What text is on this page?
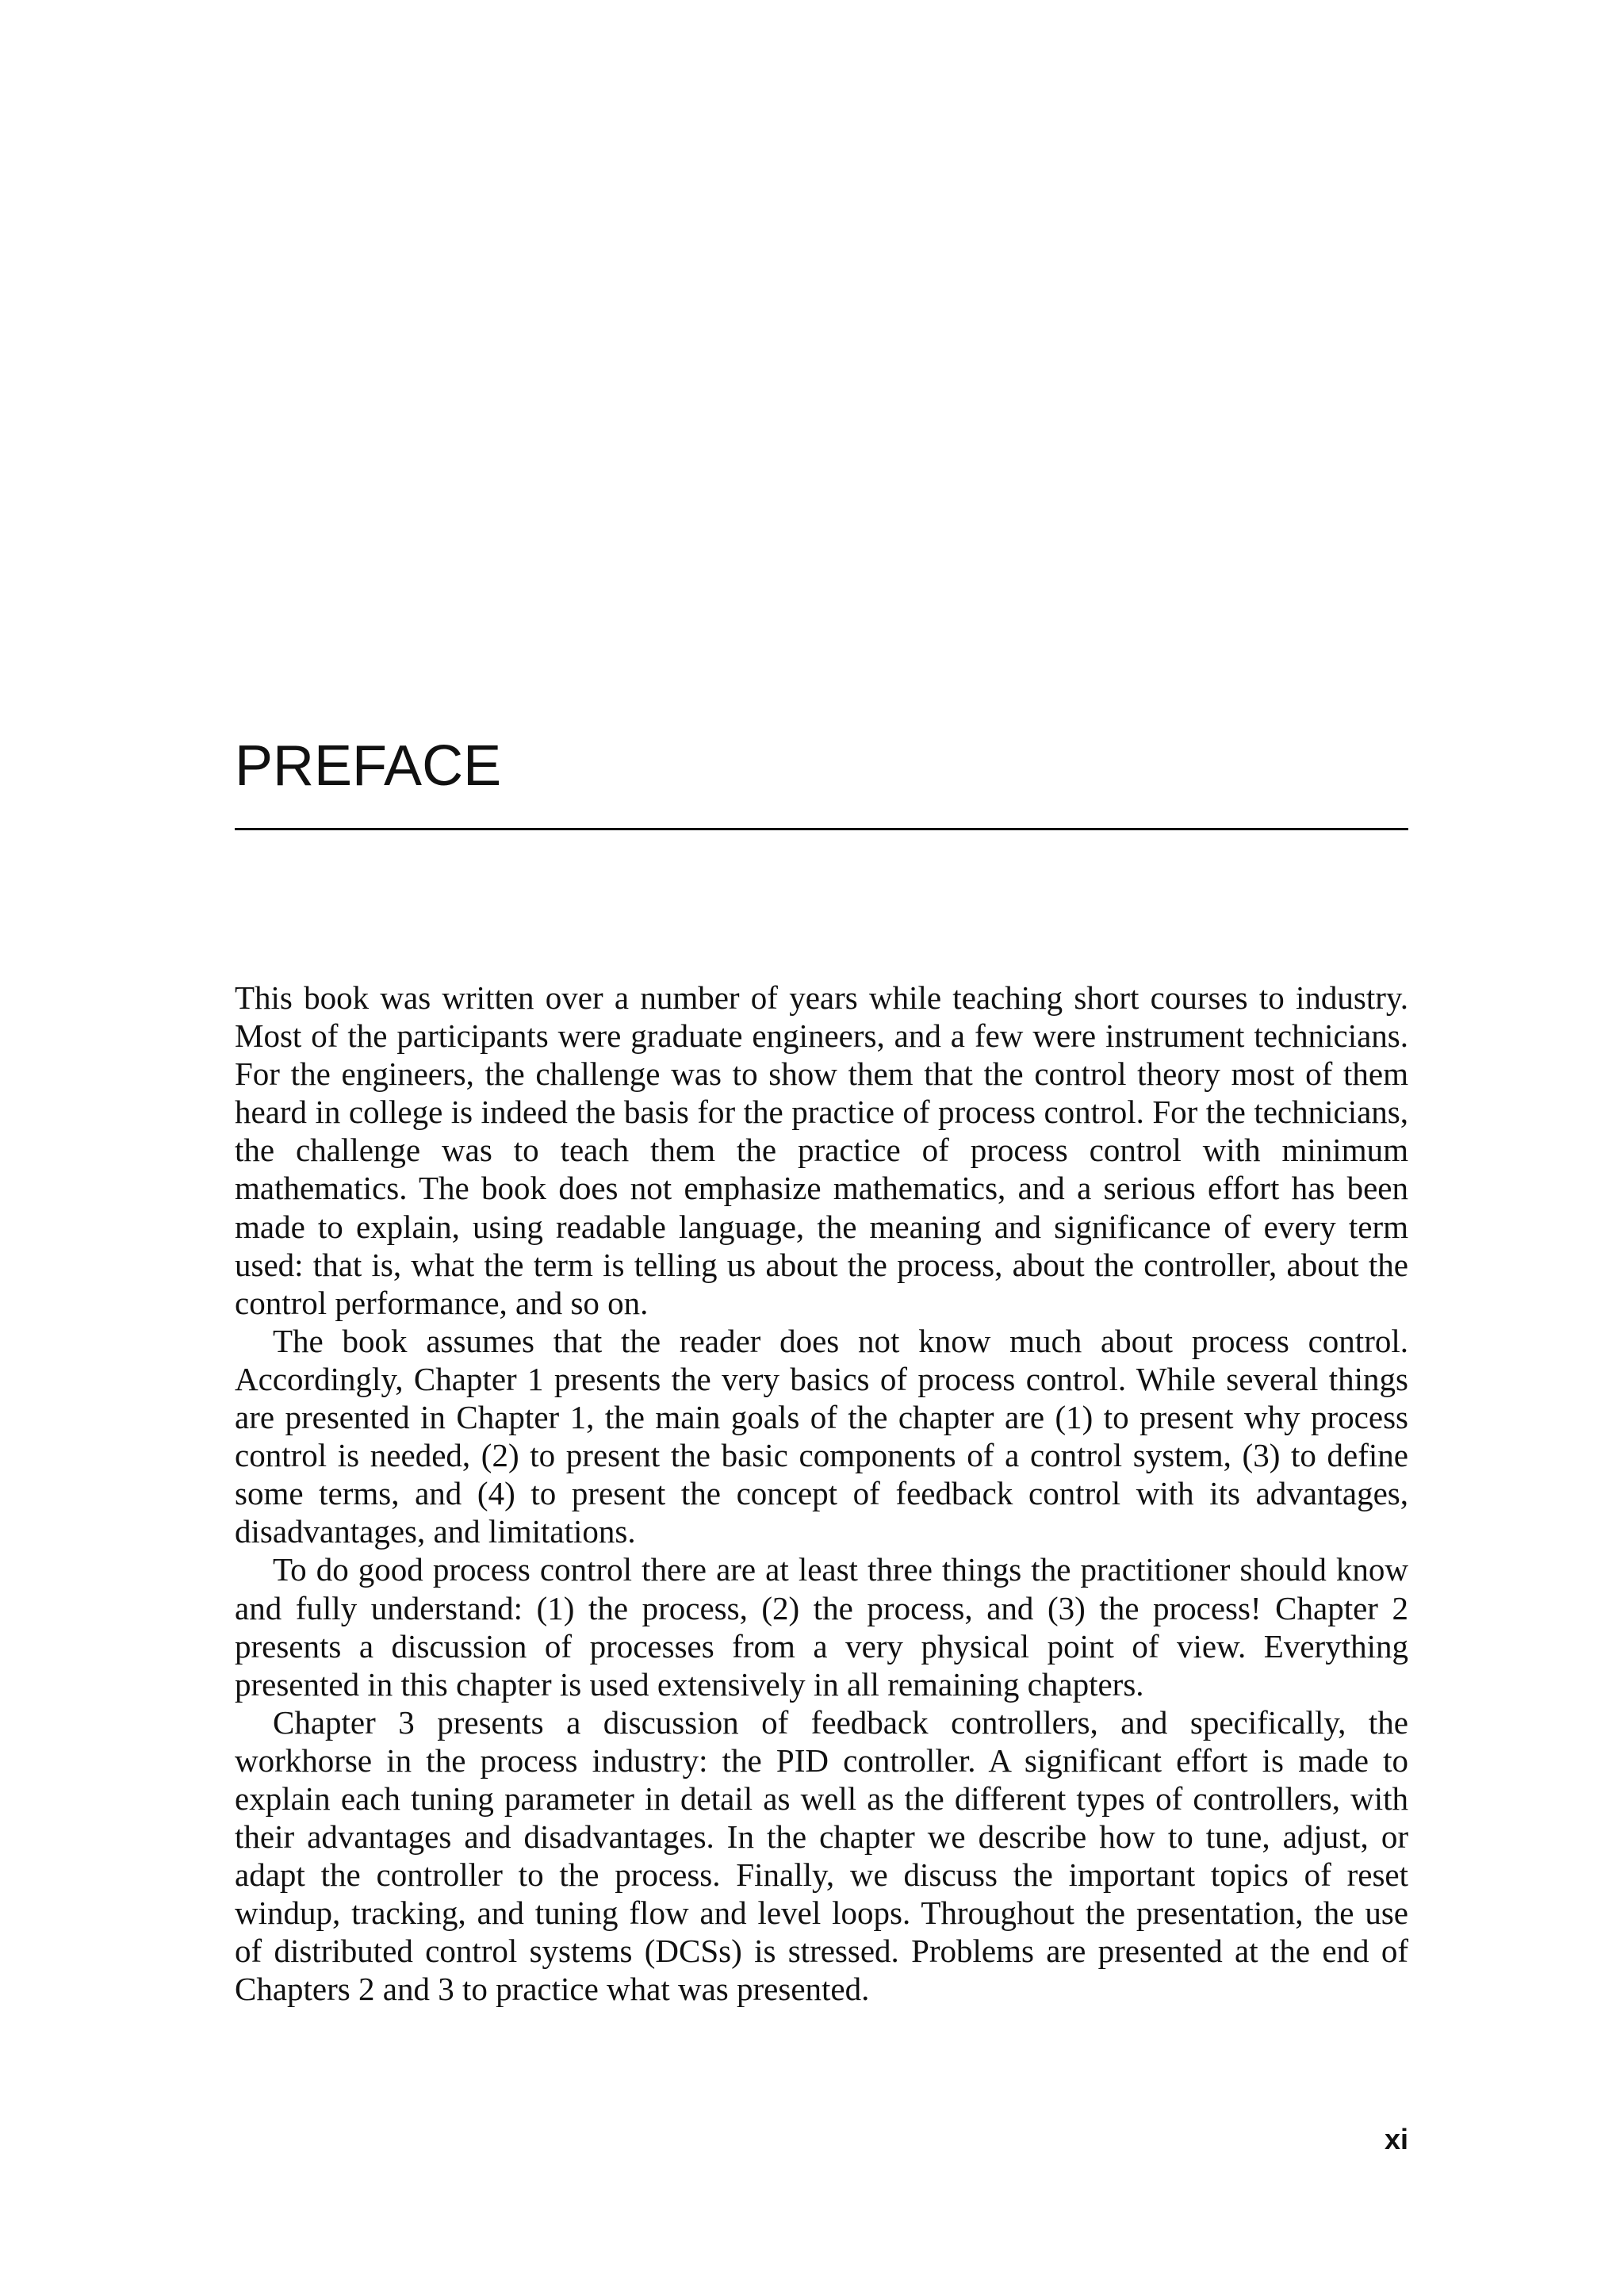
PREFACE

This book was written over a number of years while teaching short courses to industry. Most of the participants were graduate engineers, and a few were instrument technicians. For the engineers, the challenge was to show them that the control theory most of them heard in college is indeed the basis for the practice of process control. For the technicians, the challenge was to teach them the practice of process control with minimum mathematics. The book does not emphasize mathematics, and a serious effort has been made to explain, using readable language, the meaning and significance of every term used: that is, what the term is telling us about the process, about the controller, about the control performance, and so on.

The book assumes that the reader does not know much about process control. Accordingly, Chapter 1 presents the very basics of process control. While several things are presented in Chapter 1, the main goals of the chapter are (1) to present why process control is needed, (2) to present the basic components of a control system, (3) to define some terms, and (4) to present the concept of feedback control with its advantages, disadvantages, and limitations.

To do good process control there are at least three things the practitioner should know and fully understand: (1) the process, (2) the process, and (3) the process! Chapter 2 presents a discussion of processes from a very physical point of view. Everything presented in this chapter is used extensively in all remaining chapters.

Chapter 3 presents a discussion of feedback controllers, and specifically, the workhorse in the process industry: the PID controller. A significant effort is made to explain each tuning parameter in detail as well as the different types of controllers, with their advantages and disadvantages. In the chapter we describe how to tune, adjust, or adapt the controller to the process. Finally, we discuss the important topics of reset windup, tracking, and tuning flow and level loops. Throughout the presentation, the use of distributed control systems (DCSs) is stressed. Problems are presented at the end of Chapters 2 and 3 to practice what was presented.

xi
